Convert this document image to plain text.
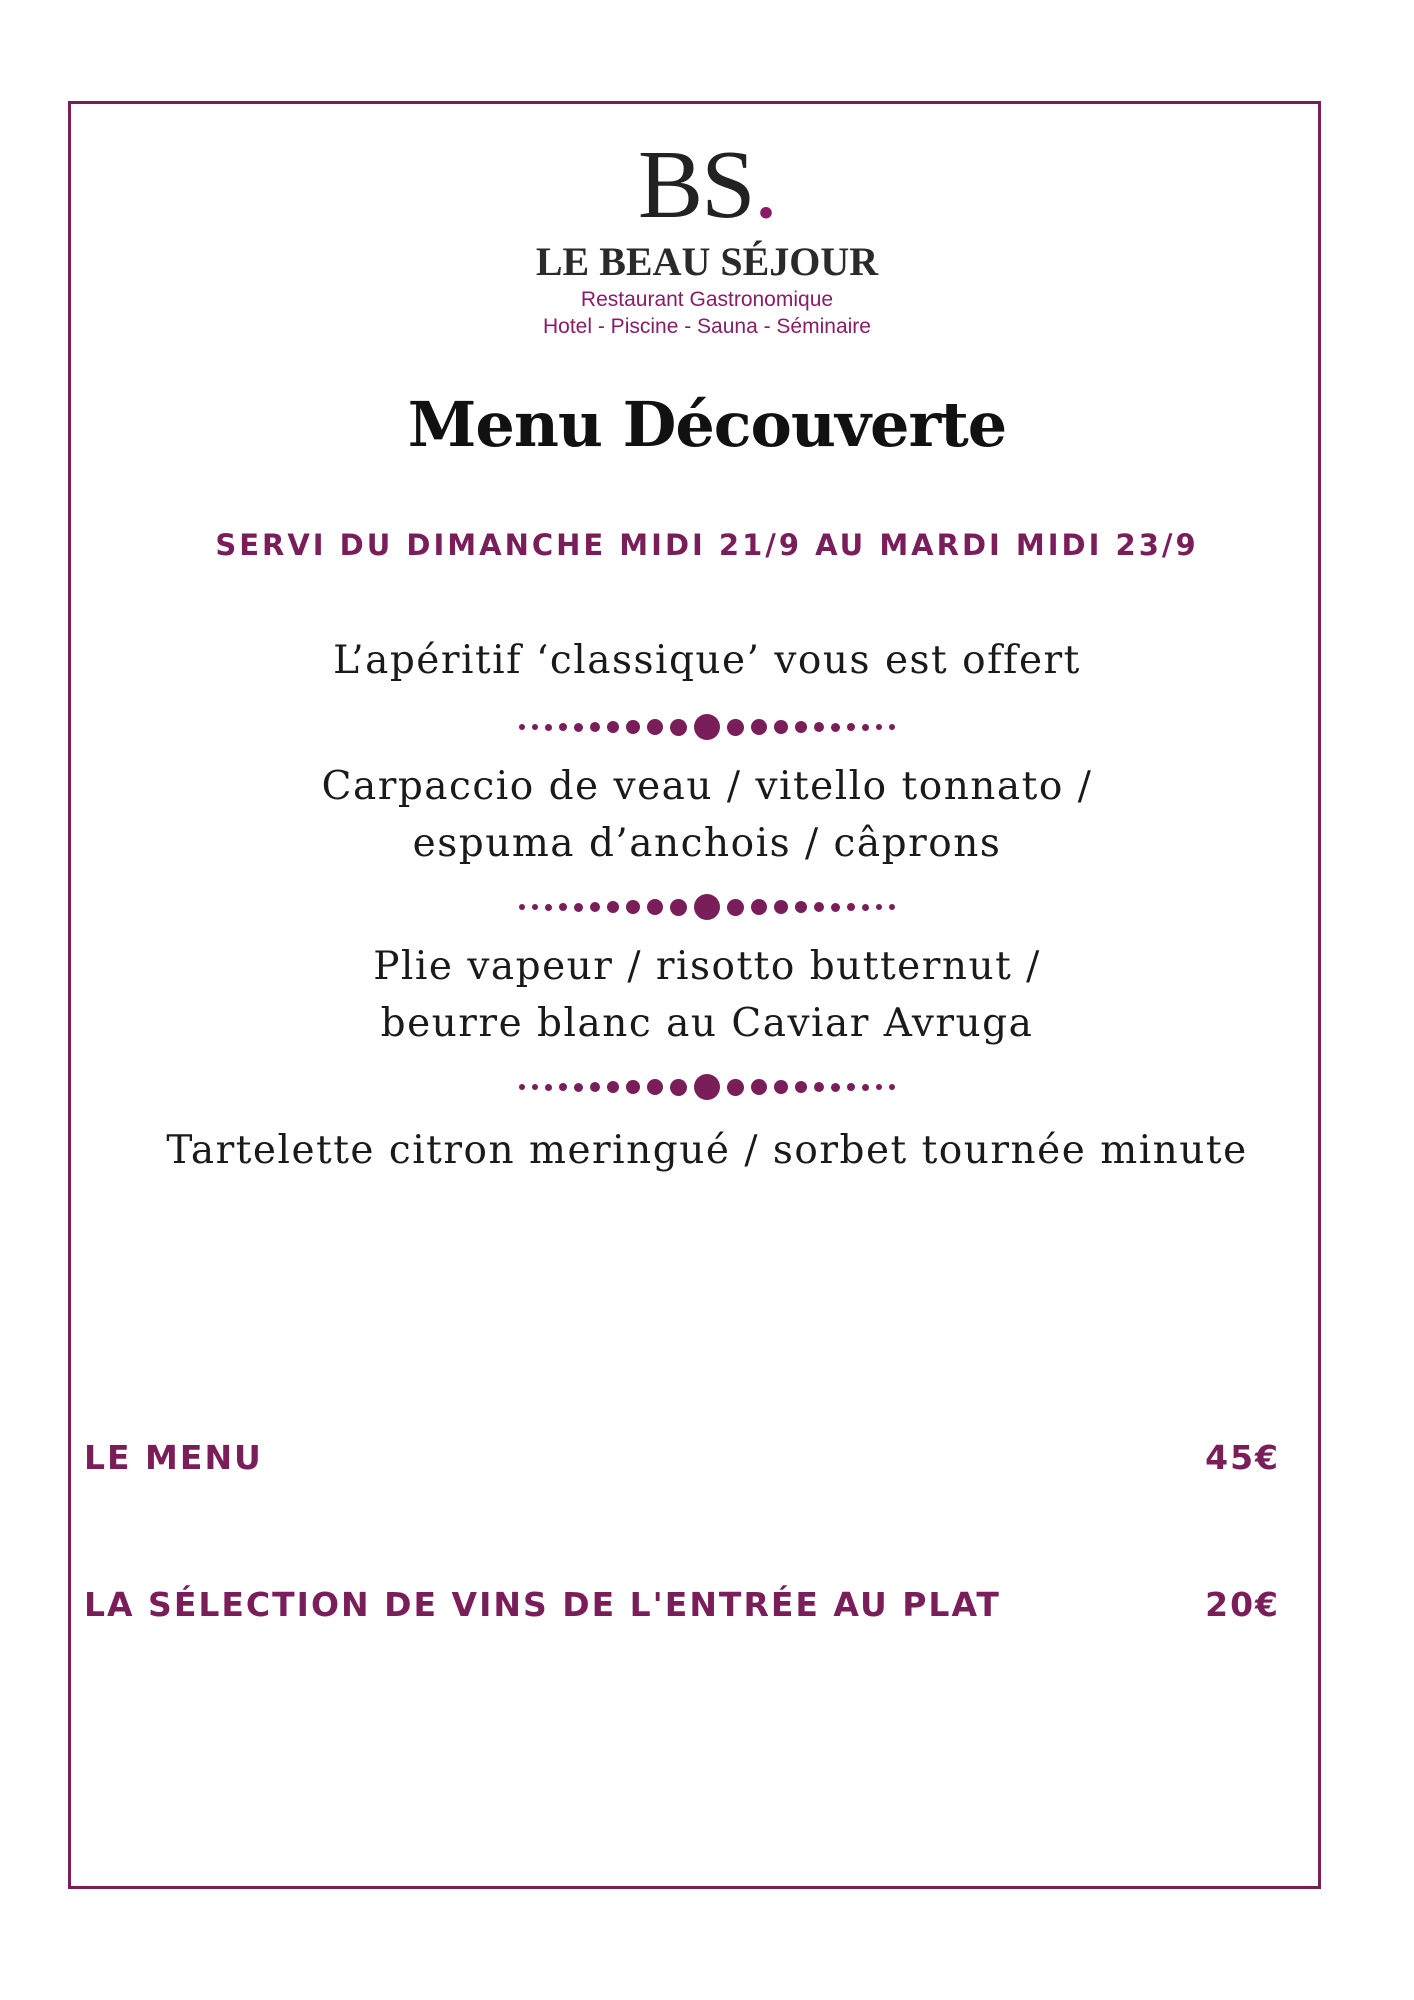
BS.
LE BEAU SÉJOUR
Restaurant Gastronomique
Hotel - Piscine - Sauna - Séminaire
Menu Découverte
SERVI DU DIMANCHE MIDI 21/9 AU MARDI MIDI 23/9
L’apéritif ‘classique’ vous est offert
Carpaccio de veau / vitello tonnato /
espuma d’anchois / câprons
Plie vapeur / risotto butternut /
beurre blanc au Caviar Avruga
Tartelette citron meringué / sorbet tournée minute
LE MENU	45€
LA SÉLECTION DE VINS DE L'ENTRÉE AU PLAT	20€
